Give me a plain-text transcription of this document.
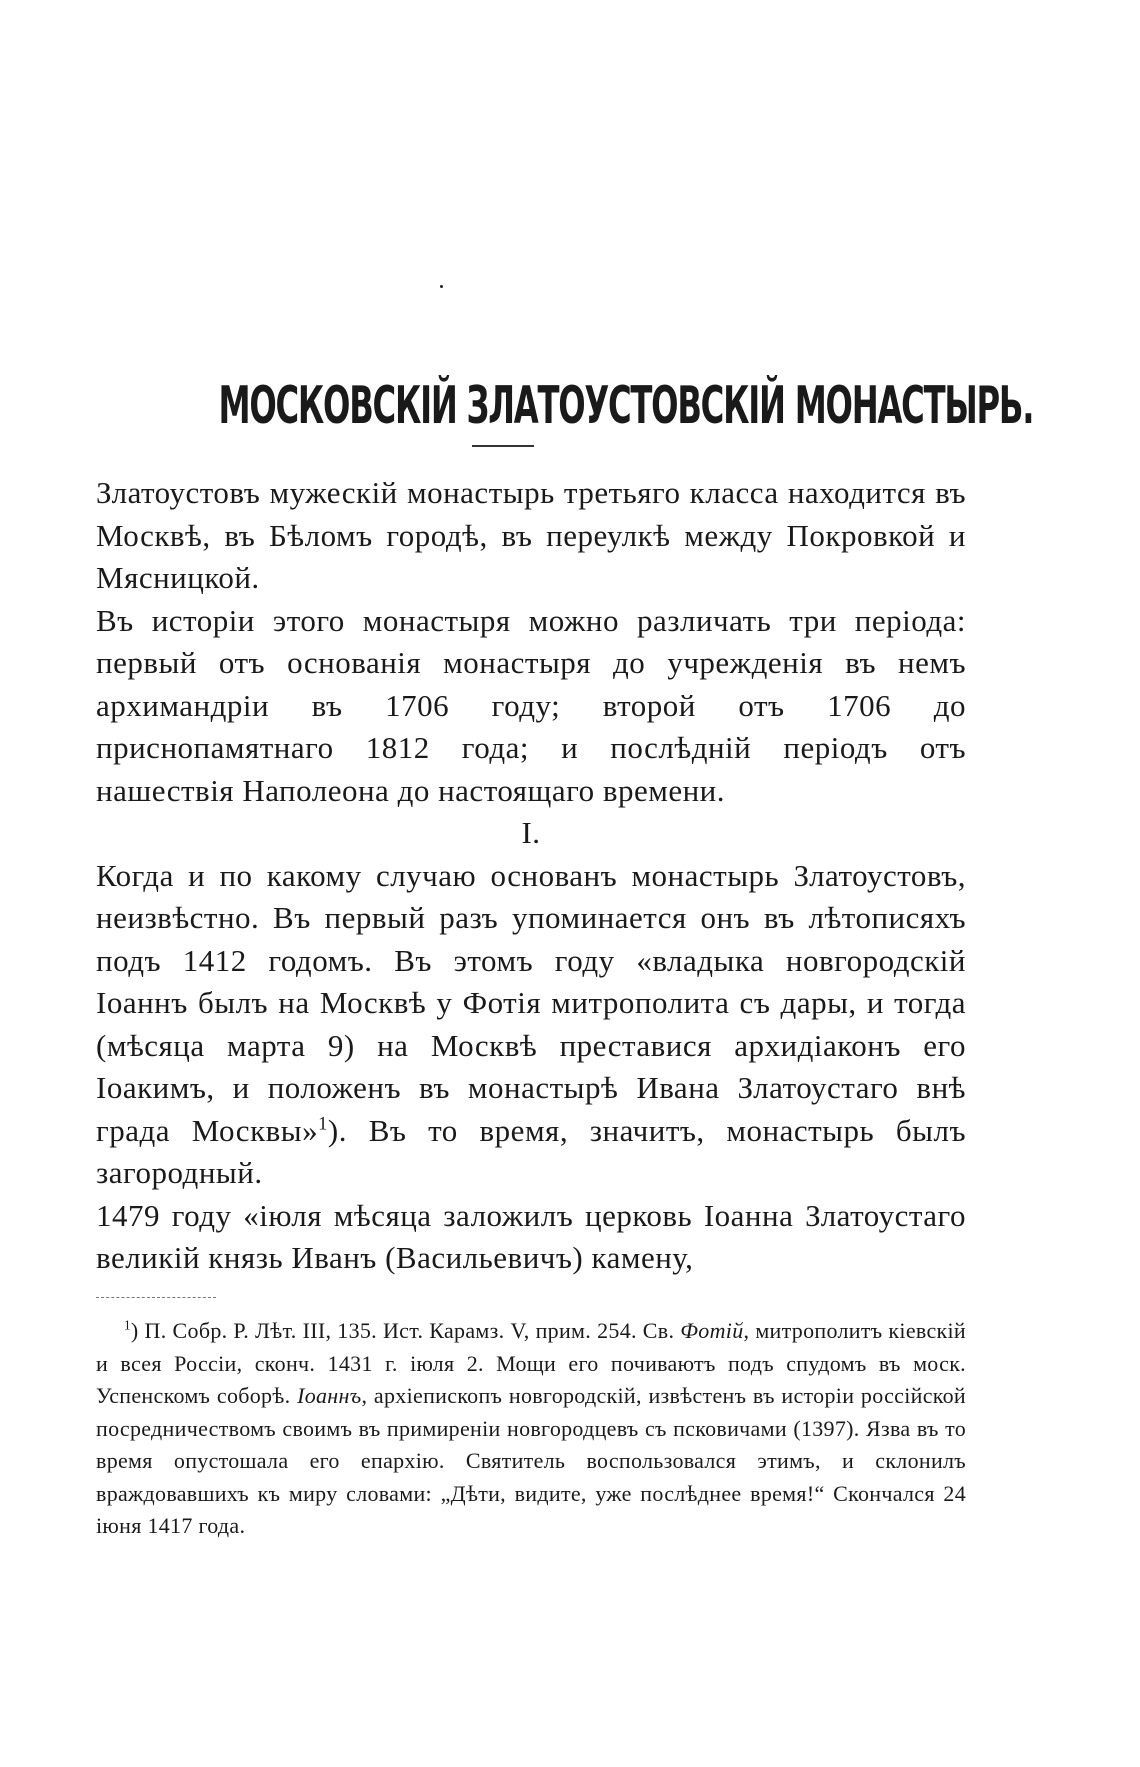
МОСКОВСКІЙ ЗЛАТОУСТОВСКІЙ МОНАСТЫРЬ.

Златоустовъ мужескій монастырь третьяго класса находится въ Москвѣ, въ Бѣломъ городѣ, въ переулкѣ между Покровкой и Мясницкой.

Въ исторіи этого монастыря можно различать три періода: первый отъ основанія монастыря до учрежденія въ немъ архимандріи въ 1706 году; второй отъ 1706 до приснопамятнаго 1812 года; и послѣдній періодъ отъ нашествія Наполеона до настоящаго времени.

I.

Когда и по какому случаю основанъ монастырь Златоустовъ, неизвѣстно. Въ первый разъ упоминается онъ въ лѣтописяхъ подъ 1412 годомъ. Въ этомъ году «владыка новгородскій Іоаннъ былъ на Москвѣ у Фотія митрополита съ дары, и тогда (мѣсяца марта 9) на Москвѣ преставися архидіаконъ его Іоакимъ, и положенъ въ монастырѣ Ивана Златоустаго внѣ града Москвы»$^1$). Въ то время, значитъ, монастырь былъ загородный.

1479 году «іюля мѣсяца заложилъ церковь Іоанна Златоустаго великій князь Иванъ (Васильевичъ) камену,

$^1$) П. Собр. Р. Лѣт. III, 135. Ист. Карамз. V, прим. 254. Св. Фотій, митрополитъ кіевскій и всея Россіи, сконч. 1431 г. іюля 2. Мощи его почиваютъ подъ спудомъ въ моск. Успенскомъ соборѣ. Іоаннъ, архіепископъ новгородскій, извѣстенъ въ исторіи россійской посредничествомъ своимъ въ примиреніи новгородцевъ съ псковичами (1397). Язва въ то время опустошала его епархію. Святитель воспользовался этимъ, и склонилъ враждовавшихъ къ миру словами: „Дѣти, видите, уже послѣднее время!“ Скончался 24 іюня 1417 года.
